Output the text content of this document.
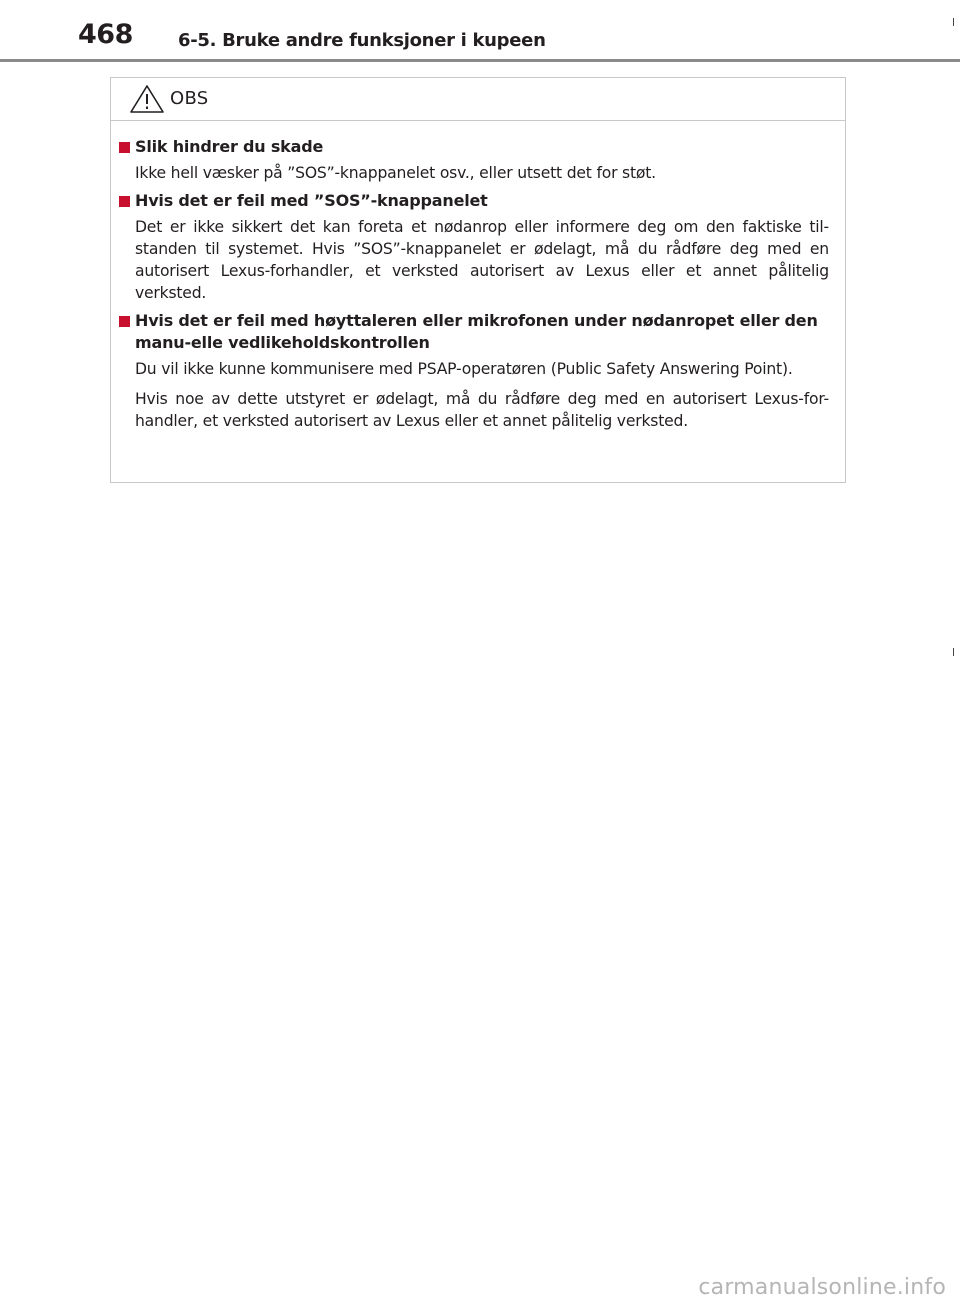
468	6-5. Bruke andre funksjoner i kupeen
OBS
Slik hindrer du skade
Ikke hell væsker på ”SOS”-knappanelet osv., eller utsett det for støt.
Hvis det er feil med ”SOS”-knappanelet
Det er ikke sikkert det kan foreta et nødanrop eller informere deg om den faktiske til-standen til systemet. Hvis ”SOS”-knappanelet er ødelagt, må du rådføre deg med en autorisert Lexus-forhandler, et verksted autorisert av Lexus eller et annet pålitelig verksted.
Hvis det er feil med høyttaleren eller mikrofonen under nødanropet eller den manu-elle vedlikeholdskontrollen
Du vil ikke kunne kommunisere med PSAP-operatøren (Public Safety Answering Point).
Hvis noe av dette utstyret er ødelagt, må du rådføre deg med en autorisert Lexus-for-handler, et verksted autorisert av Lexus eller et annet pålitelig verksted.
carmanualsonline.info
